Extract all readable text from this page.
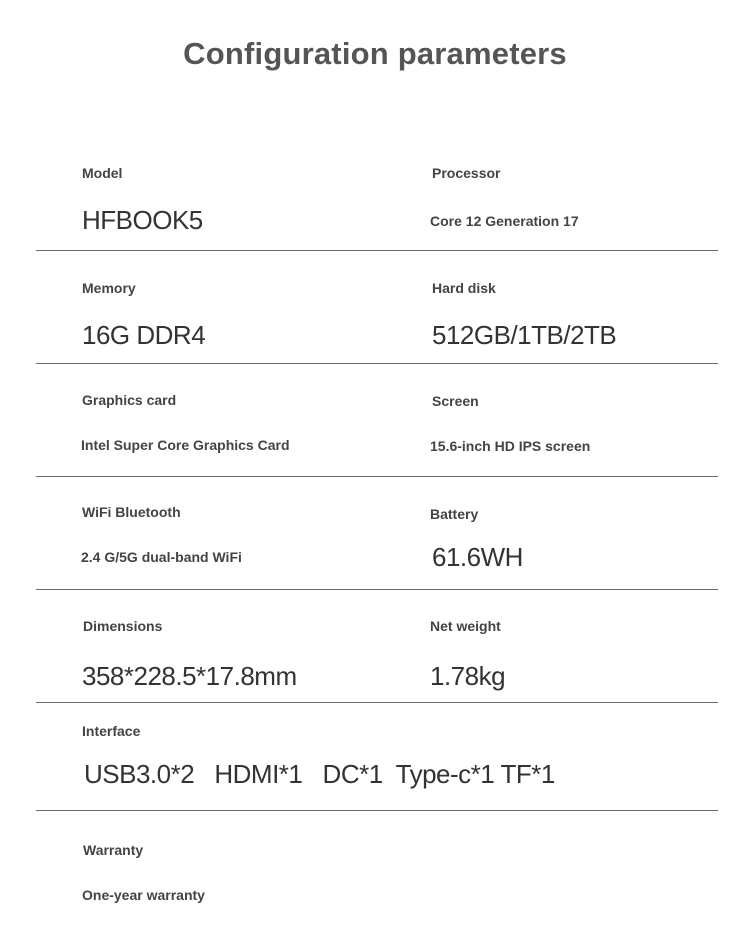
Configuration parameters
Model
HFBOOK5
Processor
Core 12 Generation 17
Memory
16G DDR4
Hard disk
512GB/1TB/2TB
Graphics card
Intel Super Core Graphics Card
Screen
15.6-inch HD IPS screen
WiFi Bluetooth
2.4 G/5G dual-band WiFi
Battery
61.6WH
Dimensions
358*228.5*17.8mm
Net weight
1.78kg
Interface
USB3.0*2   HDMI*1   DC*1  Type-c*1 TF*1
Warranty
One-year warranty
